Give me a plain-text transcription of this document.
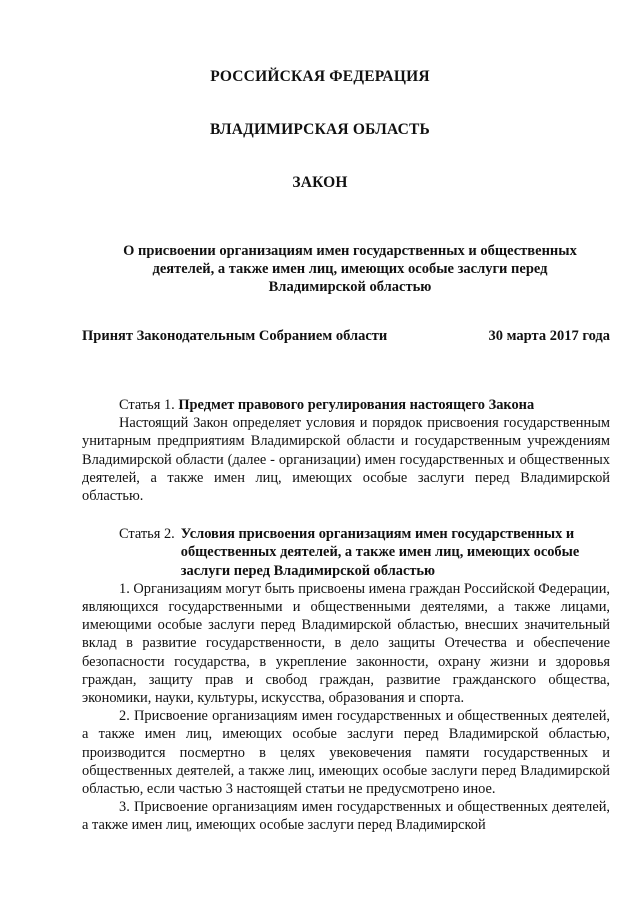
РОССИЙСКАЯ ФЕДЕРАЦИЯ
ВЛАДИМИРСКАЯ ОБЛАСТЬ
ЗАКОН
О присвоении организациям имен государственных и общественных деятелей, а также имен лиц, имеющих особые заслуги перед Владимирской областью
Принят Законодательным Собранием области	30 марта 2017 года
Статья 1. Предмет правового регулирования настоящего Закона

Настоящий Закон определяет условия и порядок присвоения государственным унитарным предприятиям Владимирской области и государственным учреждениям Владимирской области (далее - организации) имен государственных и общественных деятелей, а также имен лиц, имеющих особые заслуги перед Владимирской областью.

Статья 2. Условия присвоения организациям имен государственных и общественных деятелей, а также имен лиц, имеющих особые заслуги перед Владимирской областью

1. Организациям могут быть присвоены имена граждан Российской Федерации, являющихся государственными и общественными деятелями, а также лицами, имеющими особые заслуги перед Владимирской областью, внесших значительный вклад в развитие государственности, в дело защиты Отечества и обеспечение безопасности государства, в укрепление законности, охрану жизни и здоровья граждан, защиту прав и свобод граждан, развитие гражданского общества, экономики, науки, культуры, искусства, образования и спорта.

2. Присвоение организациям имен государственных и общественных деятелей, а также имен лиц, имеющих особые заслуги перед Владимирской областью, производится посмертно в целях увековечения памяти государственных и общественных деятелей, а также лиц, имеющих особые заслуги перед Владимирской областью, если частью 3 настоящей статьи не предусмотрено иное.

3. Присвоение организациям имен государственных и общественных деятелей, а также имен лиц, имеющих особые заслуги перед Владимирской
